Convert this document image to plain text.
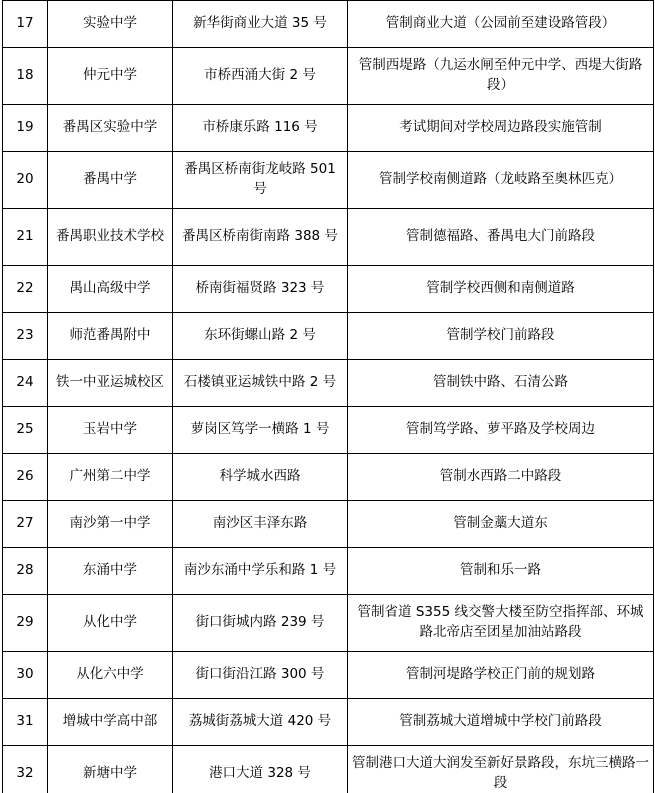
17	实验中学	新华街商业大道 35 号	管制商业大道（公园前至建设路管段）
18	仲元中学	市桥西涌大街 2 号	管制西堤路（九运水闸至仲元中学、西堤大街路段）
19	番禺区实验中学	市桥康乐路 116 号	考试期间对学校周边路段实施管制
20	番禺中学	番禺区桥南街龙岐路 501 号	管制学校南侧道路（龙岐路至奥林匹克）
21	番禺职业技术学校	番禺区桥南街南路 388 号	管制德福路、番禺电大门前路段
22	禺山高级中学	桥南街福贤路 323 号	管制学校西侧和南侧道路
23	师范番禺附中	东环街螺山路 2 号	管制学校门前路段
24	铁一中亚运城校区	石楼镇亚运城铁中路 2 号	管制铁中路、石清公路
25	玉岩中学	萝岗区笃学一横路 1 号	管制笃学路、萝平路及学校周边
26	广州第二中学	科学城水西路	管制水西路二中路段
27	南沙第一中学	南沙区丰泽东路	管制金藁大道东
28	东涌中学	南沙东涌中学乐和路 1 号	管制和乐一路
29	从化中学	街口街城内路 239 号	管制省道 S355 线交警大楼至防空指挥部、环城路北帝店至团星加油站路段
30	从化六中学	街口街沿江路 300 号	管制河堤路学校正门前的规划路
31	增城中学高中部	荔城街荔城大道 420 号	管制荔城大道增城中学校门前路段
32	新塘中学	港口大道 328 号	管制港口大道大润发至新好景路段，东坑三横路一段
